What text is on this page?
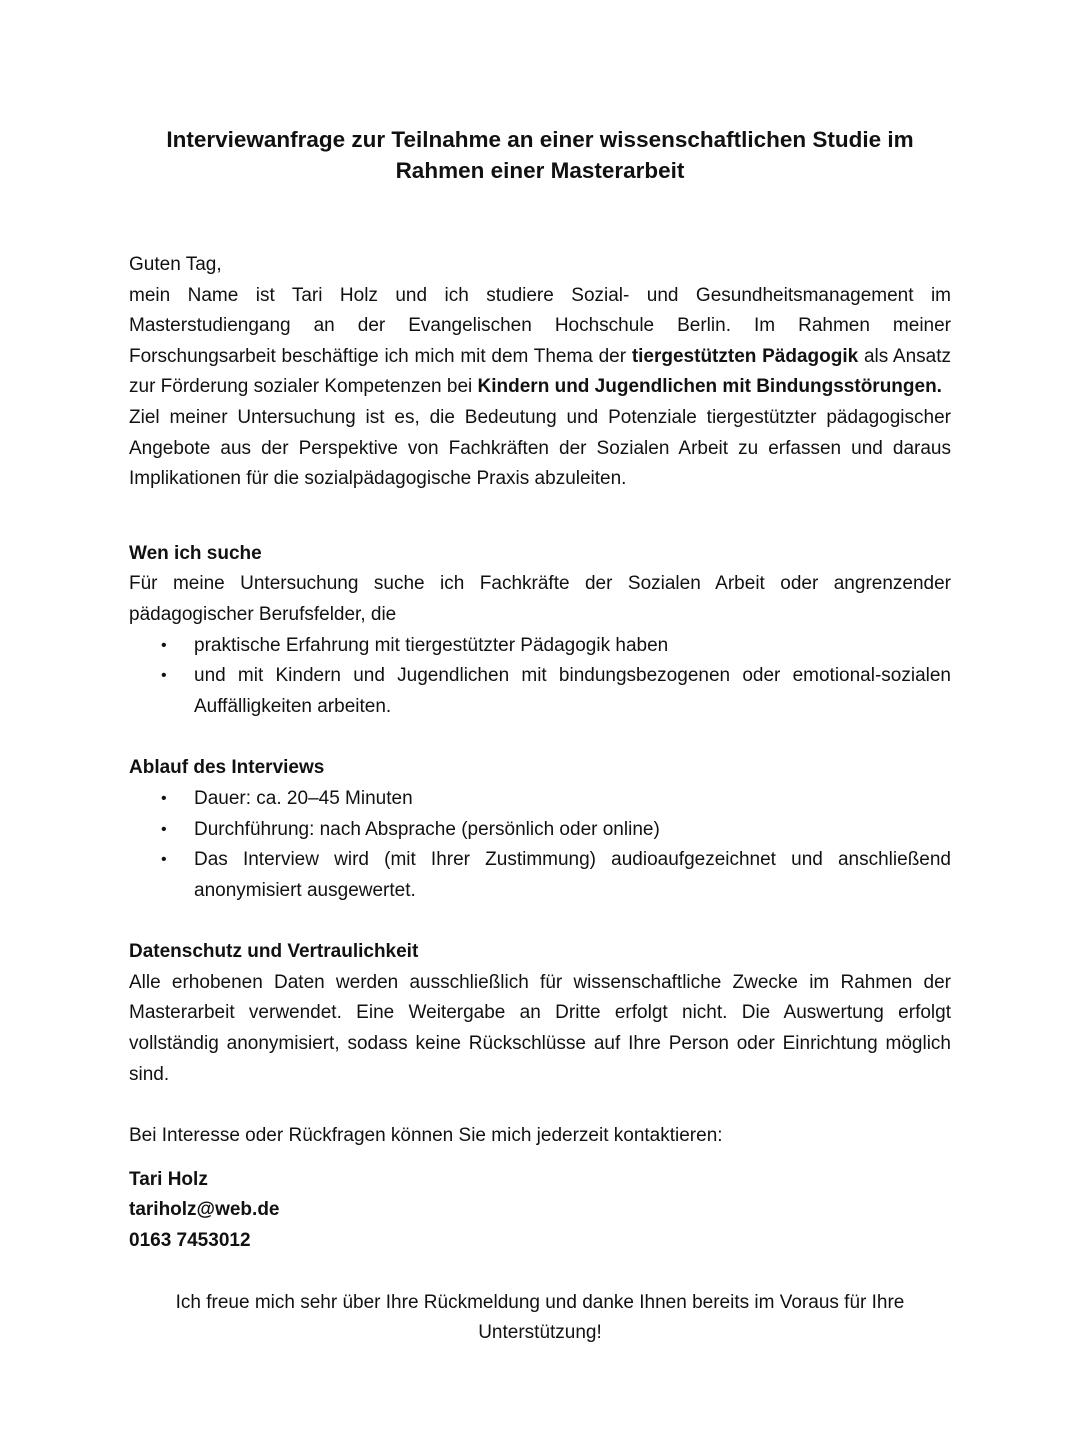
Interviewanfrage zur Teilnahme an einer wissenschaftlichen Studie im Rahmen einer Masterarbeit

Guten Tag,

mein Name ist Tari Holz und ich studiere Sozial- und Gesundheitsmanagement im Masterstudiengang an der Evangelischen Hochschule Berlin. Im Rahmen meiner Forschungsarbeit beschäftige ich mich mit dem Thema der tiergestützten Pädagogik als Ansatz zur Förderung sozialer Kompetenzen bei Kindern und Jugendlichen mit Bindungsstörungen.

Ziel meiner Untersuchung ist es, die Bedeutung und Potenziale tiergestützter pädagogischer Angebote aus der Perspektive von Fachkräften der Sozialen Arbeit zu erfassen und daraus Implikationen für die sozialpädagogische Praxis abzuleiten.

Wen ich suche

Für meine Untersuchung suche ich Fachkräfte der Sozialen Arbeit oder angrenzender pädagogischer Berufsfelder, die

• praktische Erfahrung mit tiergestützter Pädagogik haben
• und mit Kindern und Jugendlichen mit bindungsbezogenen oder emotional-sozialen Auffälligkeiten arbeiten.

Ablauf des Interviews

• Dauer: ca. 20–45 Minuten
• Durchführung: nach Absprache (persönlich oder online)
• Das Interview wird (mit Ihrer Zustimmung) audioaufgezeichnet und anschließend anonymisiert ausgewertet.

Datenschutz und Vertraulichkeit

Alle erhobenen Daten werden ausschließlich für wissenschaftliche Zwecke im Rahmen der Masterarbeit verwendet. Eine Weitergabe an Dritte erfolgt nicht. Die Auswertung erfolgt vollständig anonymisiert, sodass keine Rückschlüsse auf Ihre Person oder Einrichtung möglich sind.

Bei Interesse oder Rückfragen können Sie mich jederzeit kontaktieren:

Tari Holz

tariholz@web.de

0163 7453012

Ich freue mich sehr über Ihre Rückmeldung und danke Ihnen bereits im Voraus für Ihre Unterstützung!
